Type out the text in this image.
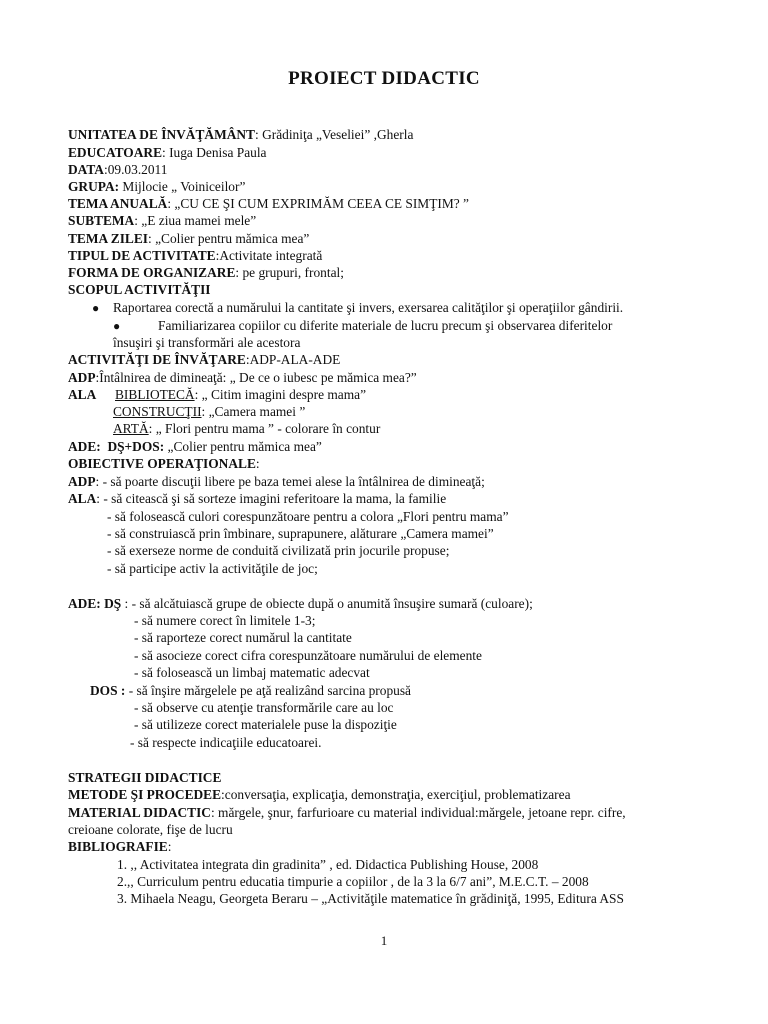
PROIECT DIDACTIC
UNITATEA DE ÎNVĂŢĂMÂNT: Grădiniţa „Veseliei” ,Gherla
EDUCATOARE: Iuga Denisa Paula
DATA:09.03.2011
GRUPA: Mijlocie „ Voiniceilor”
TEMA ANUALĂ: „CU CE ŞI CUM EXPRIMĂM CEEA CE SIMŢIM? ”
SUBTEMA: „E ziua mamei mele”
TEMA ZILEI: „Colier pentru mămica mea”
TIPUL DE ACTIVITATE:Activitate integrată
FORMA DE ORGANIZARE: pe grupuri, frontal;
SCOPUL ACTIVITĂŢII
● Raportarea corectă a numărului la cantitate şi invers, exersarea calităţilor şi operaţiilor gândirii.
●	Familiarizarea copiilor cu diferite materiale de lucru precum şi observarea diferitelor
însuşiri şi transformări ale acestora
ACTIVITĂŢI DE ÎNVĂŢARE:ADP-ALA-ADE
ADP:Întâlnirea de dimineaţă: „ De ce o iubesc pe mămica mea?”
ALA BIBLIOTECĂ: „ Citim imagini despre mama”
CONSTRUCŢII: „Camera mamei ”
ARTĂ: „ Flori pentru mama ” - colorare în contur
ADE: DŞ+DOS: „Colier pentru mămica mea”
OBIECTIVE OPERAŢIONALE:
ADP: - să poarte discuţii libere pe baza temei alese la întâlnirea de dimineaţă;
ALA: - să citească şi să sorteze imagini referitoare la mama, la familie
- să folosească culori corespunzătoare pentru a colora „Flori pentru mama”
- să construiască prin îmbinare, suprapunere, alăturare „Camera mamei”
- să exerseze norme de conduită civilizată prin jocurile propuse;
- să participe activ la activităţile de joc;
ADE: DŞ : - să alcătuiască grupe de obiecte după o anumită însuşire sumară (culoare);
- să numere corect în limitele 1-3;
- să raporteze corect numărul la cantitate
- să asocieze corect cifra corespunzătoare numărului de elemente
- să folosească un limbaj matematic adecvat
DOS : - să înşire mărgelele pe aţă realizând sarcina propusă
- să observe cu atenţie transformările care au loc
- să utilizeze corect materialele puse la dispoziţie
- să respecte indicaţiile educatoarei.
STRATEGII DIDACTICE
METODE ŞI PROCEDEE:conversaţia, explicaţia, demonstraţia, exerciţiul, problematizarea
MATERIAL DIDACTIC: mărgele, şnur, farfurioare cu material individual:mărgele, jetoane repr. cifre,
creioane colorate, fişe de lucru
BIBLIOGRAFIE:
1. ,, Activitatea integrata din gradinita” , ed. Didactica Publishing House, 2008
2.,, Curriculum pentru educatia timpurie a copiilor , de la 3 la 6/7 ani”, M.E.C.T. – 2008
3. Mihaela Neagu, Georgeta Beraru – „Activităţile matematice în grădiniţă, 1995, Editura ASS
1
